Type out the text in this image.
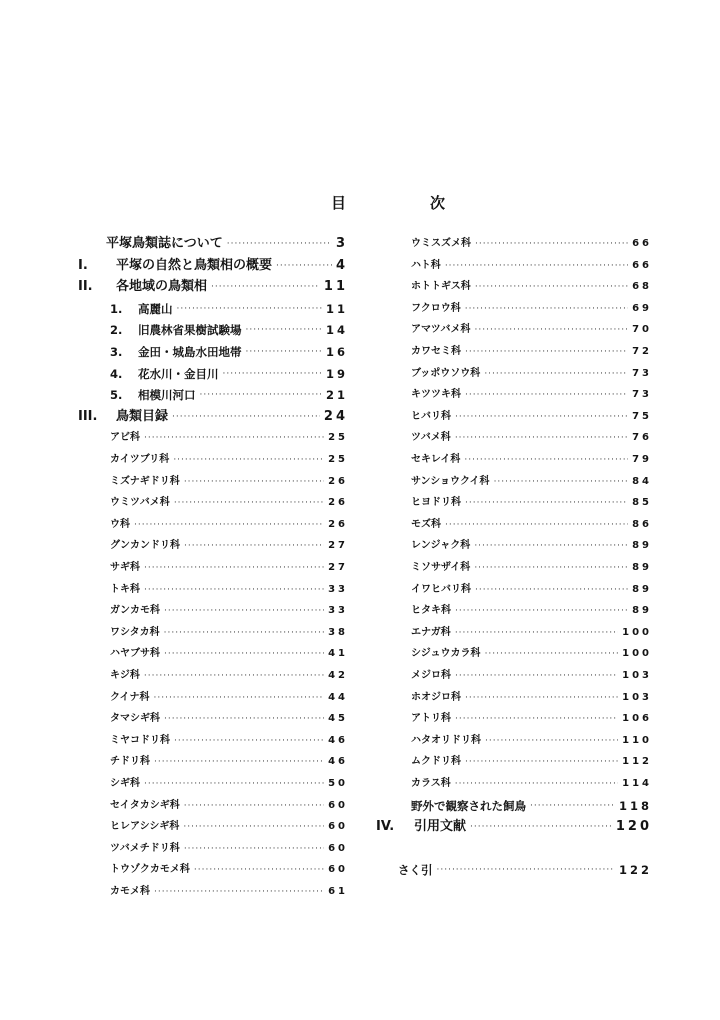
目	次
平塚鳥類誌について ·····	3
I.	平塚の自然と鳥類相の概要 ·····	4
II.	各地域の鳥類相 ·····	11
1.	高麗山 ·····	11
2.	旧農林省果樹試験場 ·····	14
3.	金田・城島水田地帯 ·····	16
4.	花水川・金目川 ·····	19
5.	相模川河口 ·····	21
III.	鳥類目録 ·····	24
アビ科 ·····	25
カイツブリ科 ·····	25
ミズナギドリ科 ·····	26
ウミツバメ科 ·····	26
ウ科 ·····	26
グンカンドリ科 ·····	27
サギ科 ·····	27
トキ科 ·····	33
ガンカモ科 ·····	33
ワシタカ科 ·····	38
ハヤブサ科 ·····	41
キジ科 ·····	42
クイナ科 ·····	44
タマシギ科 ·····	45
ミヤコドリ科 ·····	46
チドリ科 ·····	46
シギ科 ·····	50
セイタカシギ科 ·····	60
ヒレアシシギ科 ·····	60
ツバメチドリ科 ·····	60
トウゾクカモメ科 ·····	60
カモメ科 ·····	61
ウミスズメ科 ·····	66
ハト科 ·····	66
ホトトギス科 ·····	68
フクロウ科 ·····	69
アマツバメ科 ·····	70
カワセミ科 ·····	72
ブッポウソウ科 ·····	73
キツツキ科 ·····	73
ヒバリ科 ·····	75
ツバメ科 ·····	76
セキレイ科 ·····	79
サンショウクイ科 ·····	84
ヒヨドリ科 ·····	85
モズ科 ·····	86
レンジャク科 ·····	89
ミソサザイ科 ·····	89
イワヒバリ科 ·····	89
ヒタキ科 ·····	89
エナガ科 ·····	100
シジュウカラ科 ·····	100
メジロ科 ·····	103
ホオジロ科 ·····	103
アトリ科 ·····	106
ハタオリドリ科 ·····	110
ムクドリ科 ·····	112
カラス科 ·····	114
野外で観察された飼鳥 ·····	118
IV.	引用文献 ·····	120
さく引 ·····	122
